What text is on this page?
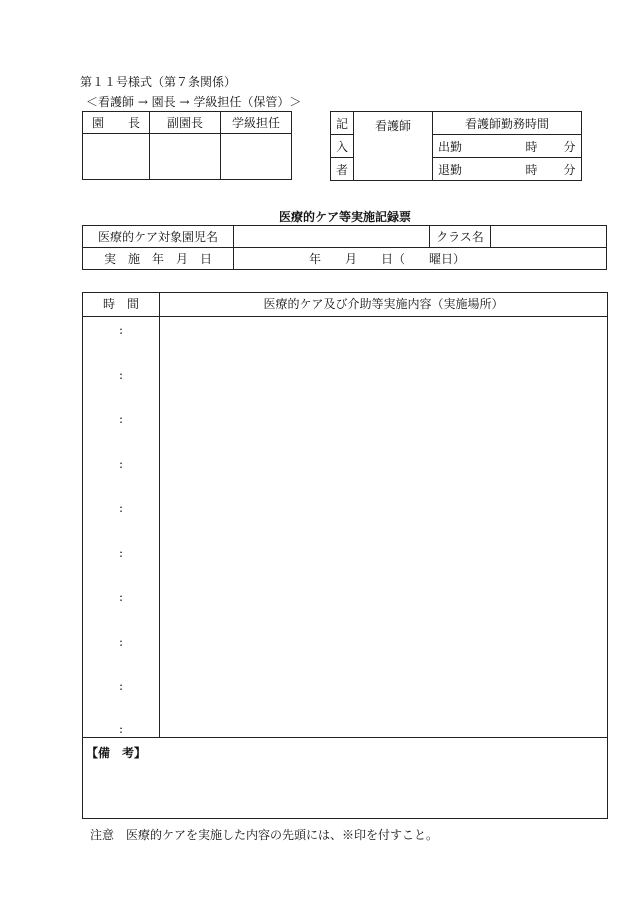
第１１号様式（第７条関係）
＜看護師 → 園長 → 学級担任（保管）＞
園　　長	副園長	学級担任
			記	看護師	看護師勤務時間
入		出勤 時 分

者		退勤 時 分
医療的ケア等実施記録票
医療的ケア対象園児名		クラス名	
実　施　年　月　日	年　　月　　日（　　曜日）		
時　間	医療的ケア及び介助等実施内容（実施場所）
:
:
:
:
:
:
:
:
:
:
【備　考】
注意　医療的ケアを実施した内容の先頭には、※印を付すこと。
